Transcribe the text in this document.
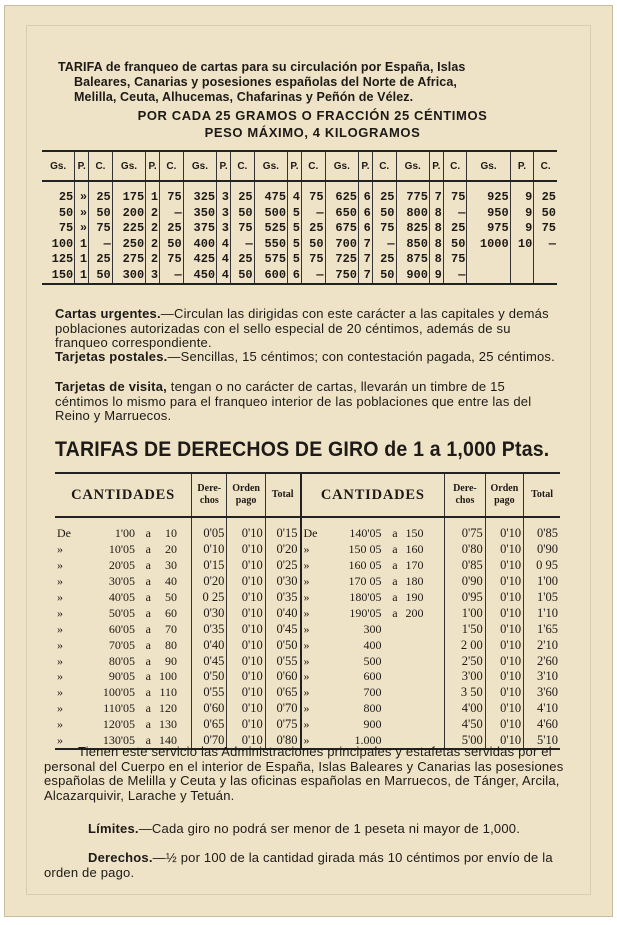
TARIFA de franqueo de cartas para su circulación por España, Islas
Baleares, Canarias y posesiones españolas del Norte de Africa,
Melilla, Ceuta, Alhucemas, Chafarinas y Peñón de Vélez.
POR CADA 25 GRAMOS O FRACCIÓN 25 CÉNTIMOS
PESO MÁXIMO, 4 KILOGRAMOS
Gs.	P.	C.	Gs.	P.	C.	Gs.	P.	C.	Gs.	P.	C.	Gs.	P.	C.	Gs.	P.	C.	Gs.	P.	C.
25	»	25	175	1	75	325	3	25	475	4	75	625	6	25	775	7	75	925	9	25
50	»	50	200	2	—	350	3	50	500	5	—	650	6	50	800	8	—	950	9	50
75	»	75	225	2	25	375	3	75	525	5	25	675	6	75	825	8	25	975	9	75
100	1	—	250	2	50	400	4	—	550	5	50	700	7	—	850	8	50	1000	10	—
125	1	25	275	2	75	425	4	25	575	5	75	725	7	25	875	8	75			
150	1	50	300	3	—	450	4	50	600	6	—	750	7	50	900	9	—			
Cartas urgentes.—Circulan las dirigidas con este carácter a las capitales y demás poblaciones autorizadas con el sello especial de 20 céntimos, además de su franqueo correspondiente.
Tarjetas postales.—Sencillas, 15 céntimos; con contestación pagada, 25 céntimos.
Tarjetas de visita, tengan o no carácter de cartas, llevarán un timbre de 15 céntimos lo mismo para el franqueo interior de las poblaciones que entre las del Reino y Marruecos.
TARIFAS DE DERECHOS DE GIRO de 1 a 1,000 Ptas.
CANTIDADES	Dere-chos	Orden pago	Total	CANTIDADES	Dere-chos	Orden pago	Total
De 1'00 a 10	0'05	0'10	0'15	De 140'05 a 150	0'75	0'10	0'85
» 10'05 a 20	0'10	0'10	0'20	» 150 05 a 160	0'80	0'10	0'90
» 20'05 a 30	0'15	0'10	0'25	» 160 05 a 170	0'85	0'10	0 95
» 30'05 a 40	0'20	0'10	0'30	» 170 05 a 180	0'90	0'10	1'00
» 40'05 a 50	0 25	0'10	0'35	» 180'05 a 190	0'95	0'10	1'05
» 50'05 a 60	0'30	0'10	0'40	» 190'05 a 200	1'00	0'10	1'10
» 60'05 a 70	0'35	0'10	0'45	» 300	1'50	0'10	1'65
» 70'05 a 80	0'40	0'10	0'50	» 400	2 00	0'10	2'10
» 80'05 a 90	0'45	0'10	0'55	» 500	2'50	0'10	2'60
» 90'05 a 100	0'50	0'10	0'60	» 600	3'00	0'10	3'10
» 100'05 a 110	0'55	0'10	0'65	» 700	3 50	0'10	3'60
» 110'05 a 120	0'60	0'10	0'70	» 800	4'00	0'10	4'10
» 120'05 a 130	0'65	0'10	0'75	» 900	4'50	0'10	4'60
» 130'05 a 140	0'70	0'10	0'80	» 1.000	5'00	0'10	5'10
Tienen este servicio las Administraciones principales y estafetas servidas por el personal del Cuerpo en el interior de España, Islas Baleares y Canarias las posesiones españolas de Melilla y Ceuta y las oficinas españolas en Marruecos, de Tánger, Arcila, Alcazarquivir, Larache y Tetuán.
Límites.—Cada giro no podrá ser menor de 1 peseta ni mayor de 1,000.
Derechos.—½ por 100 de la cantidad girada más 10 céntimos por envío de la orden de pago.
